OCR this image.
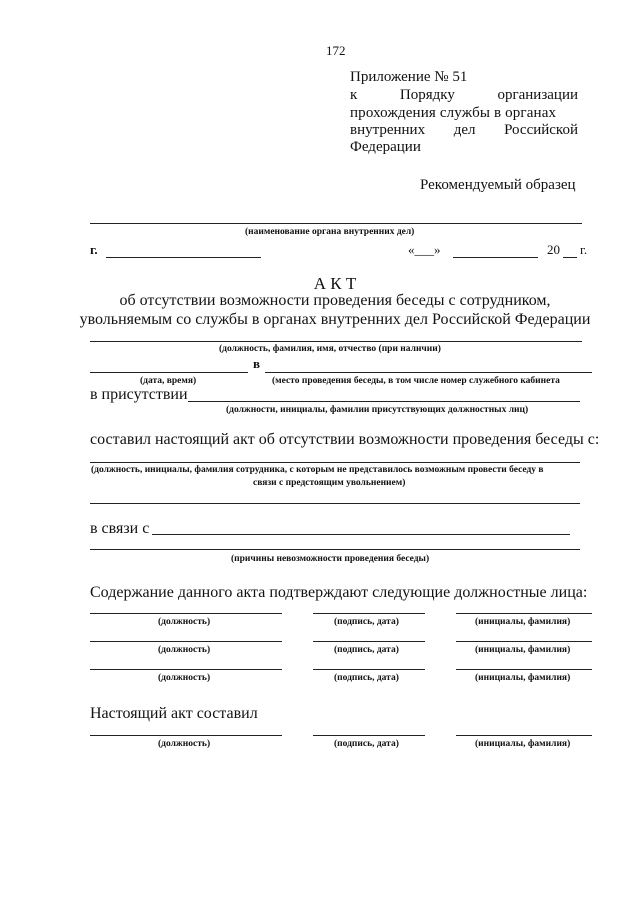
172
Приложение № 51
к	Порядку	организации
прохождения службы в органах
внутренних дел Российской
Федерации
Рекомендуемый образец
(наименование органа внутренних дел)
г.	«___»	20 г.
А К Т
об отсутствии возможности проведения беседы с сотрудником,
увольняемым со службы в органах внутренних дел Российской Федерации
(должность, фамилия, имя, отчество (при наличии)
в
(дата, время)	(место проведения беседы, в том числе номер служебного кабинета
в присутствии
(должности, инициалы, фамилии присутствующих должностных лиц)
составил настоящий акт об отсутствии возможности проведения беседы с:
(должность, инициалы, фамилия сотрудника, с которым не представилось возможным провести беседу в
связи с предстоящим увольнением)
в связи с
(причины невозможности проведения беседы)
Содержание данного акта подтверждают следующие должностные лица:
(должность)	(подпись, дата)	(инициалы, фамилия)
(должность)	(подпись, дата)	(инициалы, фамилия)
(должность)	(подпись, дата)	(инициалы, фамилия)
Настоящий акт составил
(должность)	(подпись, дата)	(инициалы, фамилия)
